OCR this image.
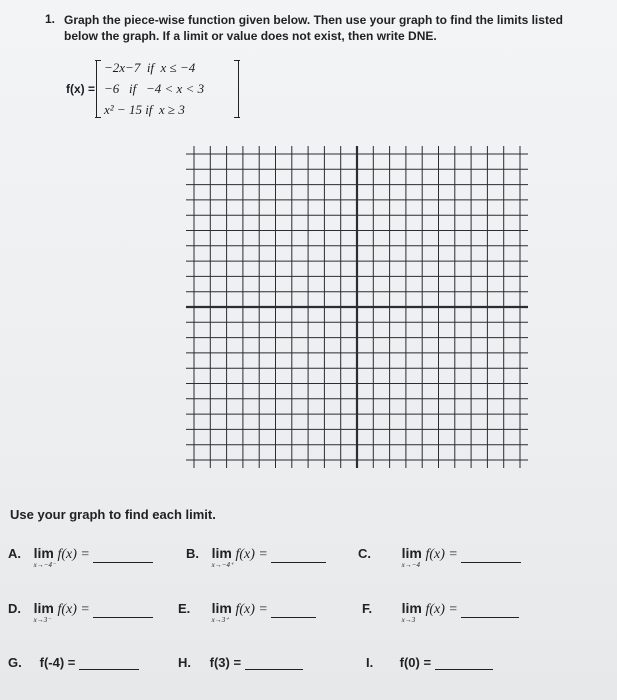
1. Graph the piece-wise function given below. Then use your graph to find the limits listed below the graph. If a limit or value does not exist, then write DNE.
f(x) =
−2x−7  if  x ≤ −4
−6   if   −4 < x < 3
x² − 15 if  x ≥ 3
Use your graph to find each limit.
A. lim
x→−4⁻
f(x) =	B. lim
x→−4⁺
f(x) =	C. lim
x→−4
f(x) =
D. lim
x→3⁻
f(x) =	E. lim
x→3⁺
f(x) =	F. lim
x→3
f(x) =
G. f(-4) =	H. f(3) =	I. f(0) =
